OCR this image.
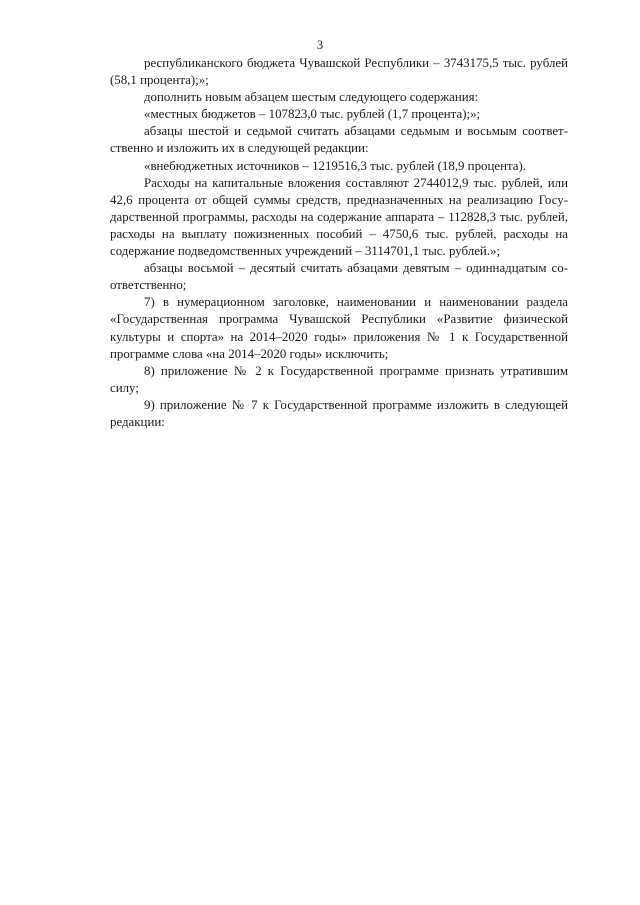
3

республиканского бюджета Чувашской Республики – 3743175,5 тыс. рублей (58,1 процента);»;

дополнить новым абзацем шестым следующего содержания:

«местных бюджетов – 107823,0 тыс. рублей (1,7 процента);»;

абзацы шестой и седьмой считать абзацами седьмым и восьмым соответственно и изложить их в следующей редакции:

«внебюджетных источников – 1219516,3 тыс. рублей (18,9 процента).

Расходы на капитальные вложения составляют 2744012,9 тыс. рублей, или 42,6 процента от общей суммы средств, предназначенных на реализацию Государственной программы, расходы на содержание аппарата – 112828,3 тыс. рублей, расходы на выплату пожизненных пособий – 4750,6 тыс. рублей, расходы на содержание подведомственных учреждений – 3114701,1 тыс. рублей.»;

абзацы восьмой – десятый считать абзацами девятым – одиннадцатым соответственно;

7) в нумерационном заголовке, наименовании и наименовании раздела «Государственная программа Чувашской Республики «Развитие физической культуры и спорта» на 2014–2020 годы» приложения № 1 к Государственной программе слова «на 2014–2020 годы» исключить;

8) приложение № 2 к Государственной программе признать утратившим силу;

9) приложение № 7 к Государственной программе изложить в следующей редакции:
